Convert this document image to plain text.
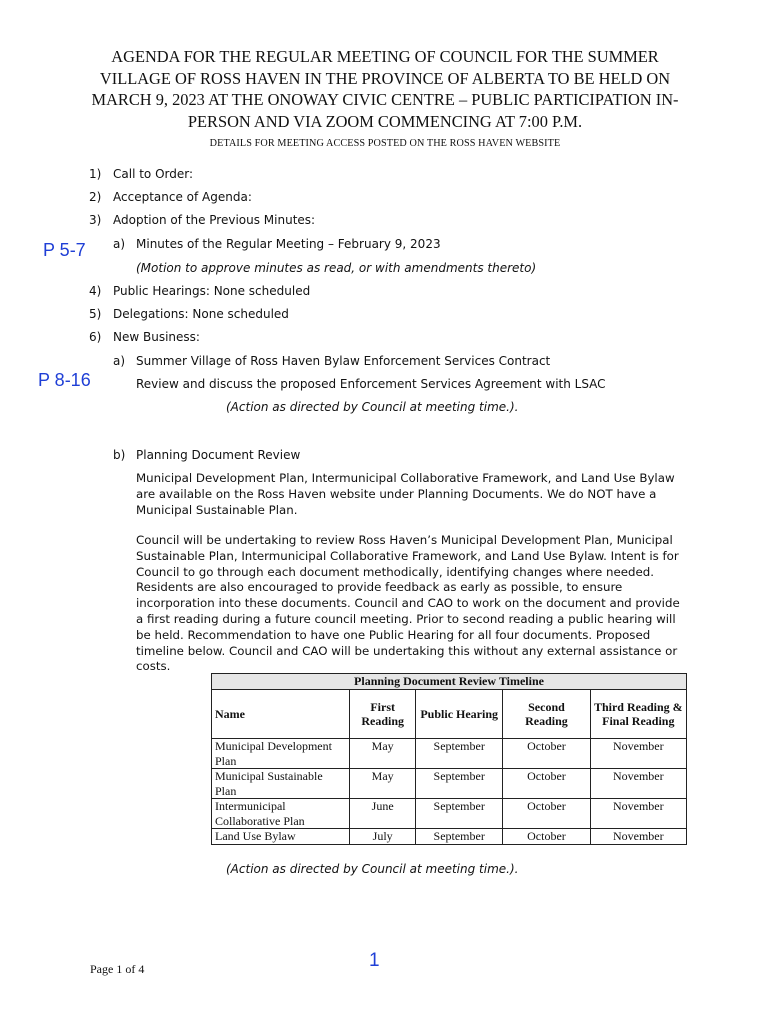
AGENDA FOR THE REGULAR MEETING OF COUNCIL FOR THE SUMMER VILLAGE OF ROSS HAVEN IN THE PROVINCE OF ALBERTA TO BE HELD ON MARCH 9, 2023 AT THE ONOWAY CIVIC CENTRE – PUBLIC PARTICIPATION IN-PERSON AND VIA ZOOM COMMENCING AT 7:00 P.M.
DETAILS FOR MEETING ACCESS POSTED ON THE ROSS HAVEN WEBSITE
1) Call to Order:
2) Acceptance of Agenda:
3) Adoption of the Previous Minutes:
P 5-7 a) Minutes of the Regular Meeting – February 9, 2023
(Motion to approve minutes as read, or with amendments thereto)
4) Public Hearings: None scheduled
5) Delegations: None scheduled
6) New Business:
P 8-16
a) Summer Village of Ross Haven Bylaw Enforcement Services Contract
Review and discuss the proposed Enforcement Services Agreement with LSAC
(Action as directed by Council at meeting time.).
b) Planning Document Review
Municipal Development Plan, Intermunicipal Collaborative Framework, and Land Use Bylaw are available on the Ross Haven website under Planning Documents. We do NOT have a Municipal Sustainable Plan.
Council will be undertaking to review Ross Haven’s Municipal Development Plan, Municipal Sustainable Plan, Intermunicipal Collaborative Framework, and Land Use Bylaw. Intent is for Council to go through each document methodically, identifying changes where needed. Residents are also encouraged to provide feedback as early as possible, to ensure incorporation into these documents. Council and CAO to work on the document and provide a first reading during a future council meeting. Prior to second reading a public hearing will be held. Recommendation to have one Public Hearing for all four documents. Proposed timeline below. Council and CAO will be undertaking this without any external assistance or costs.
Planning Document Review Timeline				
Name	First Reading	Public Hearing	Second Reading	Third Reading & Final Reading
Municipal Development Plan	May	September	October	November
Municipal Sustainable Plan	May	September	October	November
Intermunicipal Collaborative Plan	June	September	October	November
Land Use Bylaw	July	September	October	November
(Action as directed by Council at meeting time.).
1
Page 1 of 4
